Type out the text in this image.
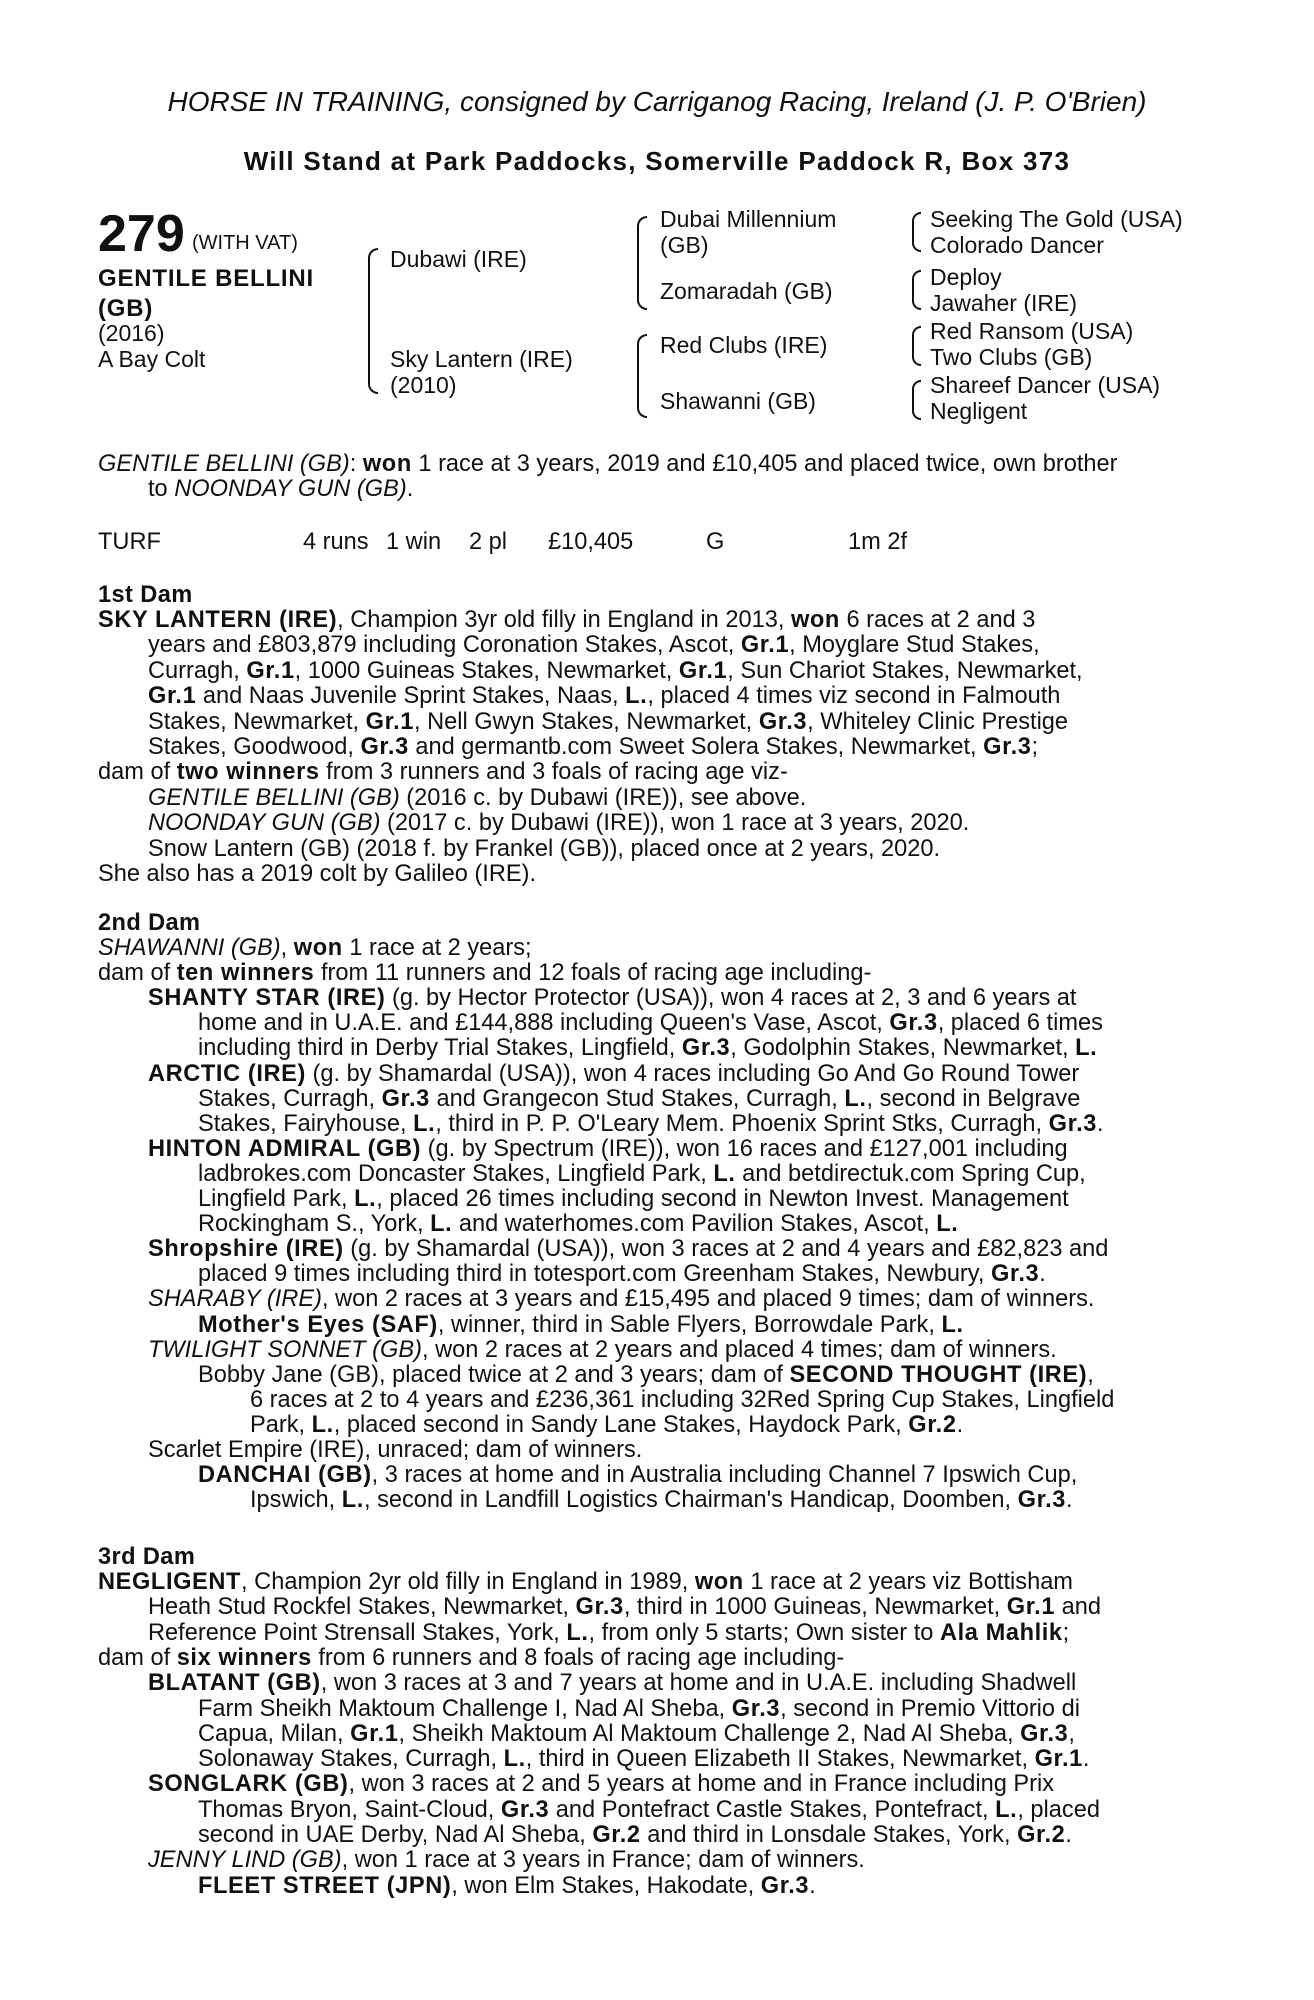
HORSE IN TRAINING, consigned by Carriganog Racing, Ireland (J. P. O'Brien)
Will Stand at Park Paddocks, Somerville Paddock R, Box 373
279 (WITH VAT)
GENTILE BELLINI
(GB)
(2016)
A Bay Colt
Dubawi (IRE)
Sky Lantern (IRE)
(2010)
Dubai Millennium
(GB)
Zomaradah (GB)
Red Clubs (IRE)
Shawanni (GB)
Seeking The Gold (USA)
Colorado Dancer
Deploy
Jawaher (IRE)
Red Ransom (USA)
Two Clubs (GB)
Shareef Dancer (USA)
Negligent
GENTILE BELLINI (GB): won 1 race at 3 years, 2019 and £10,405 and placed twice, own brother
to NOONDAY GUN (GB).
TURF	4 runs 1 win 2 pl £10,405	G	1m 2f
1st Dam
SKY LANTERN (IRE), Champion 3yr old filly in England in 2013, won 6 races at 2 and 3
years and £803,879 including Coronation Stakes, Ascot, Gr.1, Moyglare Stud Stakes,
Curragh, Gr.1, 1000 Guineas Stakes, Newmarket, Gr.1, Sun Chariot Stakes, Newmarket,
Gr.1 and Naas Juvenile Sprint Stakes, Naas, L., placed 4 times viz second in Falmouth
Stakes, Newmarket, Gr.1, Nell Gwyn Stakes, Newmarket, Gr.3, Whiteley Clinic Prestige
Stakes, Goodwood, Gr.3 and germantb.com Sweet Solera Stakes, Newmarket, Gr.3;
dam of two winners from 3 runners and 3 foals of racing age viz-
GENTILE BELLINI (GB) (2016 c. by Dubawi (IRE)), see above.
NOONDAY GUN (GB) (2017 c. by Dubawi (IRE)), won 1 race at 3 years, 2020.
Snow Lantern (GB) (2018 f. by Frankel (GB)), placed once at 2 years, 2020.
She also has a 2019 colt by Galileo (IRE).
2nd Dam
SHAWANNI (GB), won 1 race at 2 years;
dam of ten winners from 11 runners and 12 foals of racing age including-
SHANTY STAR (IRE) (g. by Hector Protector (USA)), won 4 races at 2, 3 and 6 years at
home and in U.A.E. and £144,888 including Queen's Vase, Ascot, Gr.3, placed 6 times
including third in Derby Trial Stakes, Lingfield, Gr.3, Godolphin Stakes, Newmarket, L.
ARCTIC (IRE) (g. by Shamardal (USA)), won 4 races including Go And Go Round Tower
Stakes, Curragh, Gr.3 and Grangecon Stud Stakes, Curragh, L., second in Belgrave
Stakes, Fairyhouse, L., third in P. P. O'Leary Mem. Phoenix Sprint Stks, Curragh, Gr.3.
HINTON ADMIRAL (GB) (g. by Spectrum (IRE)), won 16 races and £127,001 including
ladbrokes.com Doncaster Stakes, Lingfield Park, L. and betdirectuk.com Spring Cup,
Lingfield Park, L., placed 26 times including second in Newton Invest. Management
Rockingham S., York, L. and waterhomes.com Pavilion Stakes, Ascot, L.
Shropshire (IRE) (g. by Shamardal (USA)), won 3 races at 2 and 4 years and £82,823 and
placed 9 times including third in totesport.com Greenham Stakes, Newbury, Gr.3.
SHARABY (IRE), won 2 races at 3 years and £15,495 and placed 9 times; dam of winners.
Mother's Eyes (SAF), winner, third in Sable Flyers, Borrowdale Park, L.
TWILIGHT SONNET (GB), won 2 races at 2 years and placed 4 times; dam of winners.
Bobby Jane (GB), placed twice at 2 and 3 years; dam of SECOND THOUGHT (IRE),
6 races at 2 to 4 years and £236,361 including 32Red Spring Cup Stakes, Lingfield
Park, L., placed second in Sandy Lane Stakes, Haydock Park, Gr.2.
Scarlet Empire (IRE), unraced; dam of winners.
DANCHAI (GB), 3 races at home and in Australia including Channel 7 Ipswich Cup,
Ipswich, L., second in Landfill Logistics Chairman's Handicap, Doomben, Gr.3.
3rd Dam
NEGLIGENT, Champion 2yr old filly in England in 1989, won 1 race at 2 years viz Bottisham
Heath Stud Rockfel Stakes, Newmarket, Gr.3, third in 1000 Guineas, Newmarket, Gr.1 and
Reference Point Strensall Stakes, York, L., from only 5 starts; Own sister to Ala Mahlik;
dam of six winners from 6 runners and 8 foals of racing age including-
BLATANT (GB), won 3 races at 3 and 7 years at home and in U.A.E. including Shadwell
Farm Sheikh Maktoum Challenge I, Nad Al Sheba, Gr.3, second in Premio Vittorio di
Capua, Milan, Gr.1, Sheikh Maktoum Al Maktoum Challenge 2, Nad Al Sheba, Gr.3,
Solonaway Stakes, Curragh, L., third in Queen Elizabeth II Stakes, Newmarket, Gr.1.
SONGLARK (GB), won 3 races at 2 and 5 years at home and in France including Prix
Thomas Bryon, Saint-Cloud, Gr.3 and Pontefract Castle Stakes, Pontefract, L., placed
second in UAE Derby, Nad Al Sheba, Gr.2 and third in Lonsdale Stakes, York, Gr.2.
JENNY LIND (GB), won 1 race at 3 years in France; dam of winners.
FLEET STREET (JPN), won Elm Stakes, Hakodate, Gr.3.
